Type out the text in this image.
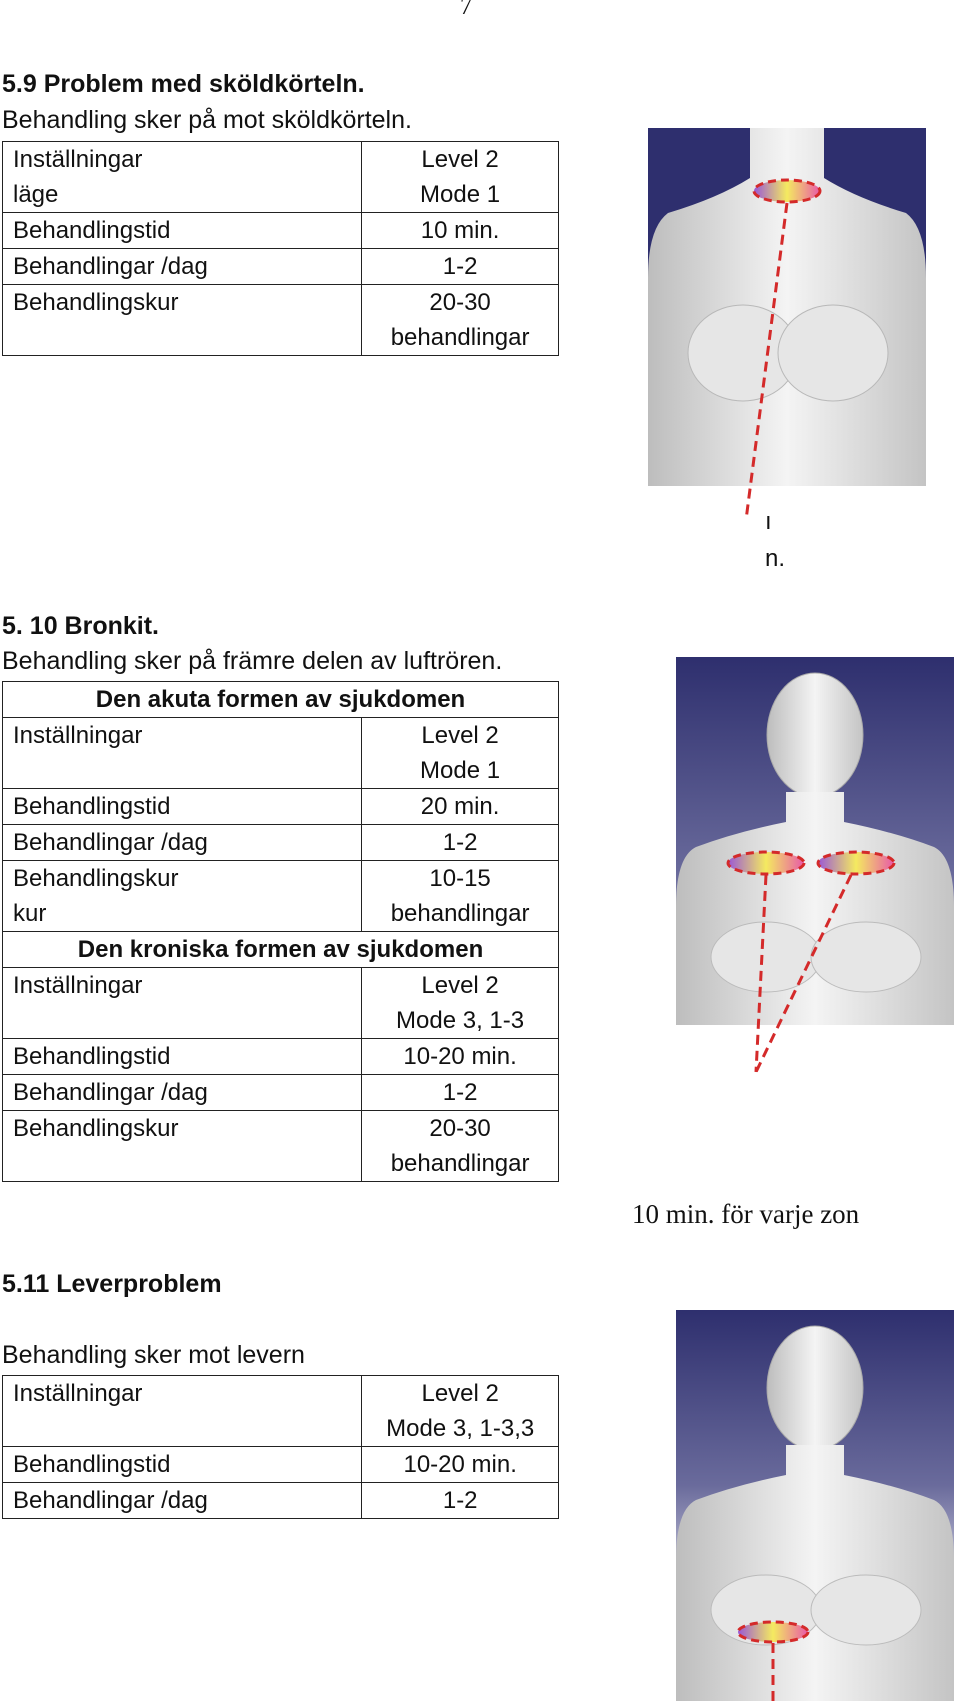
7
5.9 Problem med sköldkörteln.
Behandling sker på mot sköldkörteln.
Inställningar
läge	Level 2
Mode 1

Behandlingstid	10 min.
Behandlingar /dag	1-2
Behandlingskur	20-30
behandlingar
ı
n.
5. 10 Bronkit.
Behandling sker på främre delen av luftrören.
Den akuta formen av sjukdomen	
Inställningar	Level 2
Mode 1

Behandlingstid	20 min.
Behandlingar /dag	1-2

Behandlingskur
kur	10-15
behandlingar

Den kroniska formen av sjukdomen	
Inställningar	Level 2
Mode 3, 1-3

Behandlingstid	10-20 min.
Behandlingar /dag	1-2
Behandlingskur	20-30
behandlingar
10 min. för varje zon
5.11 Leverproblem
Behandling sker mot levern
Inställningar	Level 2
Mode 3, 1-3,3

Behandlingstid	10-20 min.
Behandlingar /dag	1-2
